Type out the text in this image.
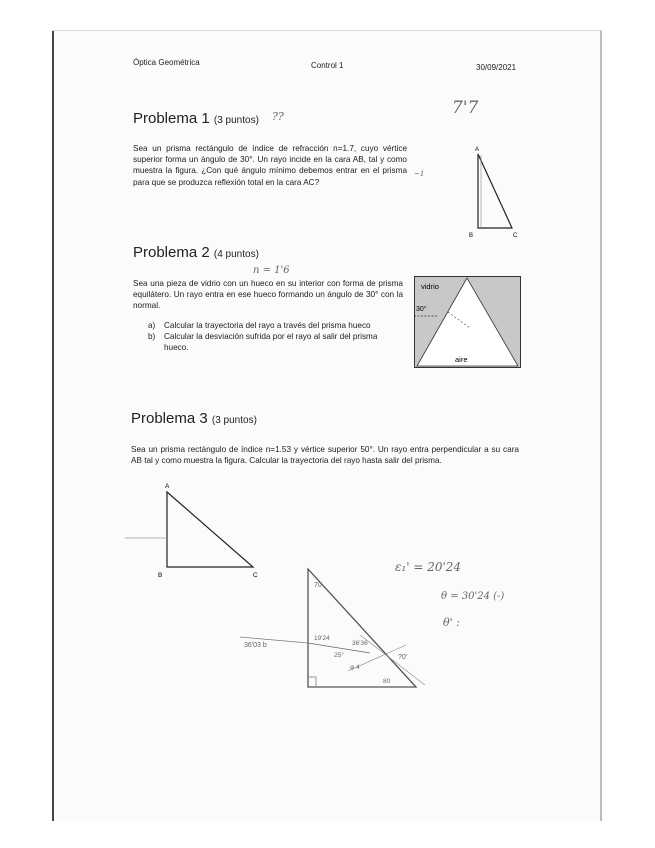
Óptica Geométrica	Control 1	30/09/2021
7'7
Problema 1 (3 puntos) ??
Sea un prisma rectángulo de índice de refracción n=1.7, cuyo vértice superior forma un ángulo de 30°. Un rayo incide en la cara AB, tal y como muestra la figura. ¿Con qué ángulo mínimo debemos entrar en el prisma para que se produzca reflexión total en la cara AC?
~1
A
B	C
Problema 2 (4 puntos)
n = 1'6
Sea una pieza de vidrio con un hueco en su interior con forma de prisma equilátero. Un rayo entra en ese hueco formando un ángulo de 30° con la normal.
a)	Calcular la trayectoria del rayo a través del prisma hueco
b)	Calcular la desviación sufrida por el rayo al salir del prisma hueco.
vidrio
30°
aire
Problema 3 (3 puntos)
Sea un prisma rectángulo de índice n=1.53 y vértice superior 50°. Un rayo entra perpendicular a su cara AB tal y como muestra la figura. Calcular la trayectoria del rayo hasta salir del prisma.
A
B	C
70
36'03 b
19'24
36'36
25°
φ 4
80
?0'
ε₁' = 20'24
θ = 30'24 (-)
θ' :
